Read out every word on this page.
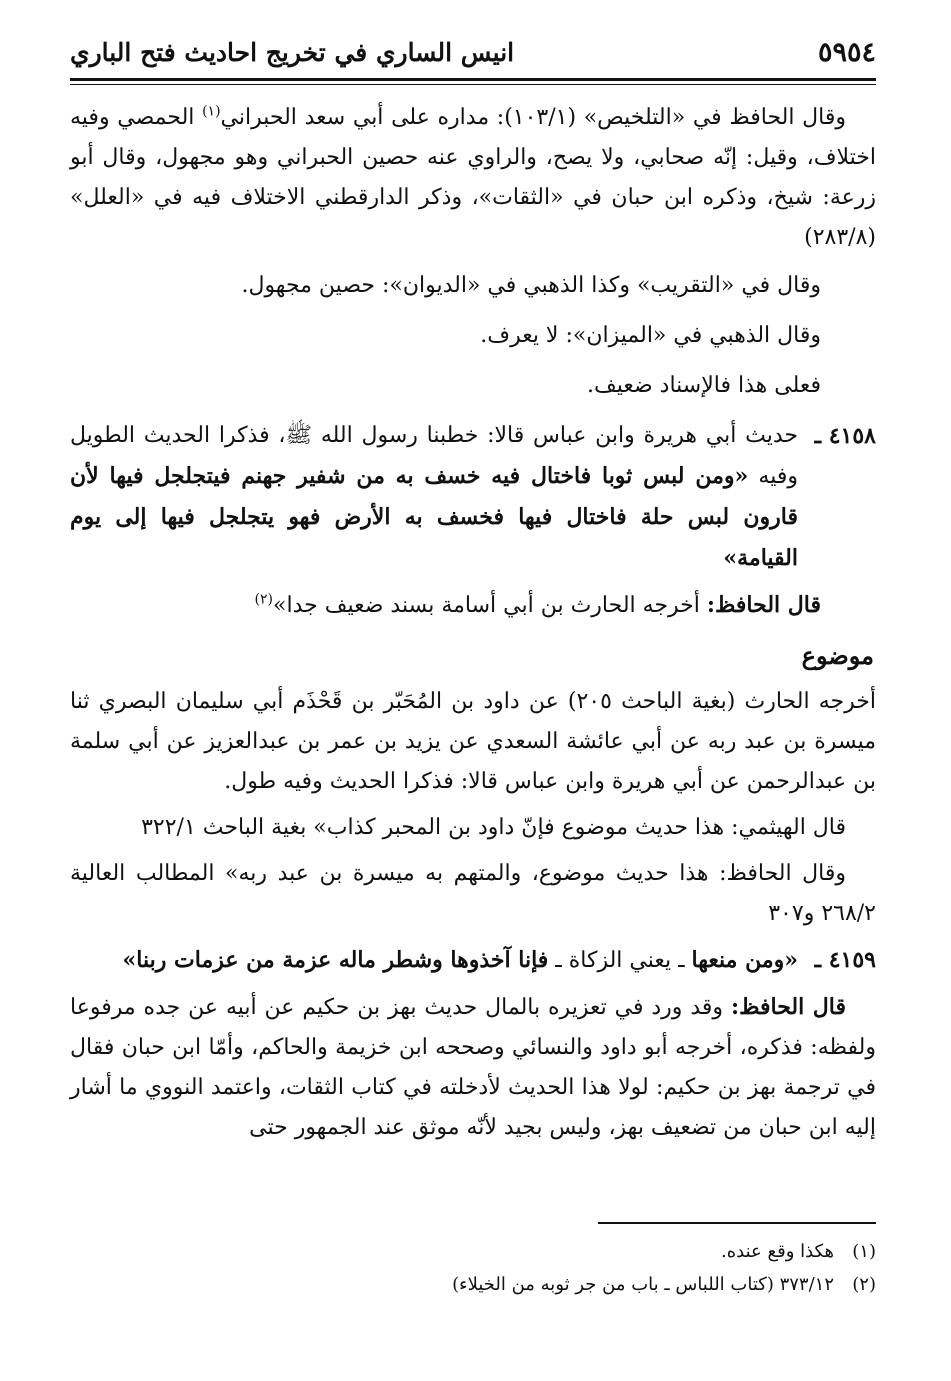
٥٩٥٤
انيس الساري في تخريج احاديث فتح الباري

وقال الحافظ في «التلخيص» (١٠٣/١): مداره على أبي سعد الحبراني$^{(١)}$ الحمصي وفيه اختلاف، وقيل: إنّه صحابي، ولا يصح، والراوي عنه حصين الحبراني وهو مجهول، وقال أبو زرعة: شيخ، وذكره ابن حبان في «الثقات»، وذكر الدارقطني الاختلاف فيه في «العلل» (٢٨٣/٨)

وقال في «التقريب» وكذا الذهبي في «الديوان»: حصين مجهول.

وقال الذهبي في «الميزان»: لا يعرف.

فعلى هذا فالإسناد ضعيف.

٤١٥٨ ـ
حديث أبي هريرة وابن عباس قالا: خطبنا رسول الله ﷺ، فذكرا الحديث الطويل وفيه «ومن لبس ثوبا فاختال فيه خسف به من شفير جهنم فيتجلجل فيها لأن قارون لبس حلة فاختال فيها فخسف به الأرض فهو يتجلجل فيها إلى يوم القيامة»

قال الحافظ: أخرجه الحارث بن أبي أسامة بسند ضعيف جدا»$^{(٢)}$

موضوع

أخرجه الحارث (بغية الباحث ٢٠٥) عن داود بن المُحَبّر بن قَحْذَم أبي سليمان البصري ثنا ميسرة بن عبد ربه عن أبي عائشة السعدي عن يزيد بن عمر بن عبدالعزيز عن أبي سلمة بن عبدالرحمن عن أبي هريرة وابن عباس قالا: فذكرا الحديث وفيه طول.

قال الهيثمي: هذا حديث موضوع فإنّ داود بن المحبر كذاب» بغية الباحث ٣٢٢/١

وقال الحافظ: هذا حديث موضوع، والمتهم به ميسرة بن عبد ربه» المطالب العالية ٢٦٨/٢ و٣٠٧

٤١٥٩ ـ
«ومن منعها ـ يعني الزكاة ـ فإنا آخذوها وشطر ماله عزمة من عزمات ربنا»

قال الحافظ: وقد ورد في تعزيره بالمال حديث بهز بن حكيم عن أبيه عن جده مرفوعا ولفظه: فذكره، أخرجه أبو داود والنسائي وصححه ابن خزيمة والحاكم، وأمّا ابن حبان فقال في ترجمة بهز بن حكيم: لولا هذا الحديث لأدخلته في كتاب الثقات، واعتمد النووي ما أشار إليه ابن حبان من تضعيف بهز، وليس بجيد لأنّه موثق عند الجمهور حتى

(١)
هكذا وقع عنده.
(٢)
٣٧٣/١٢ (كتاب اللباس ـ باب من جر ثوبه من الخيلاء)
